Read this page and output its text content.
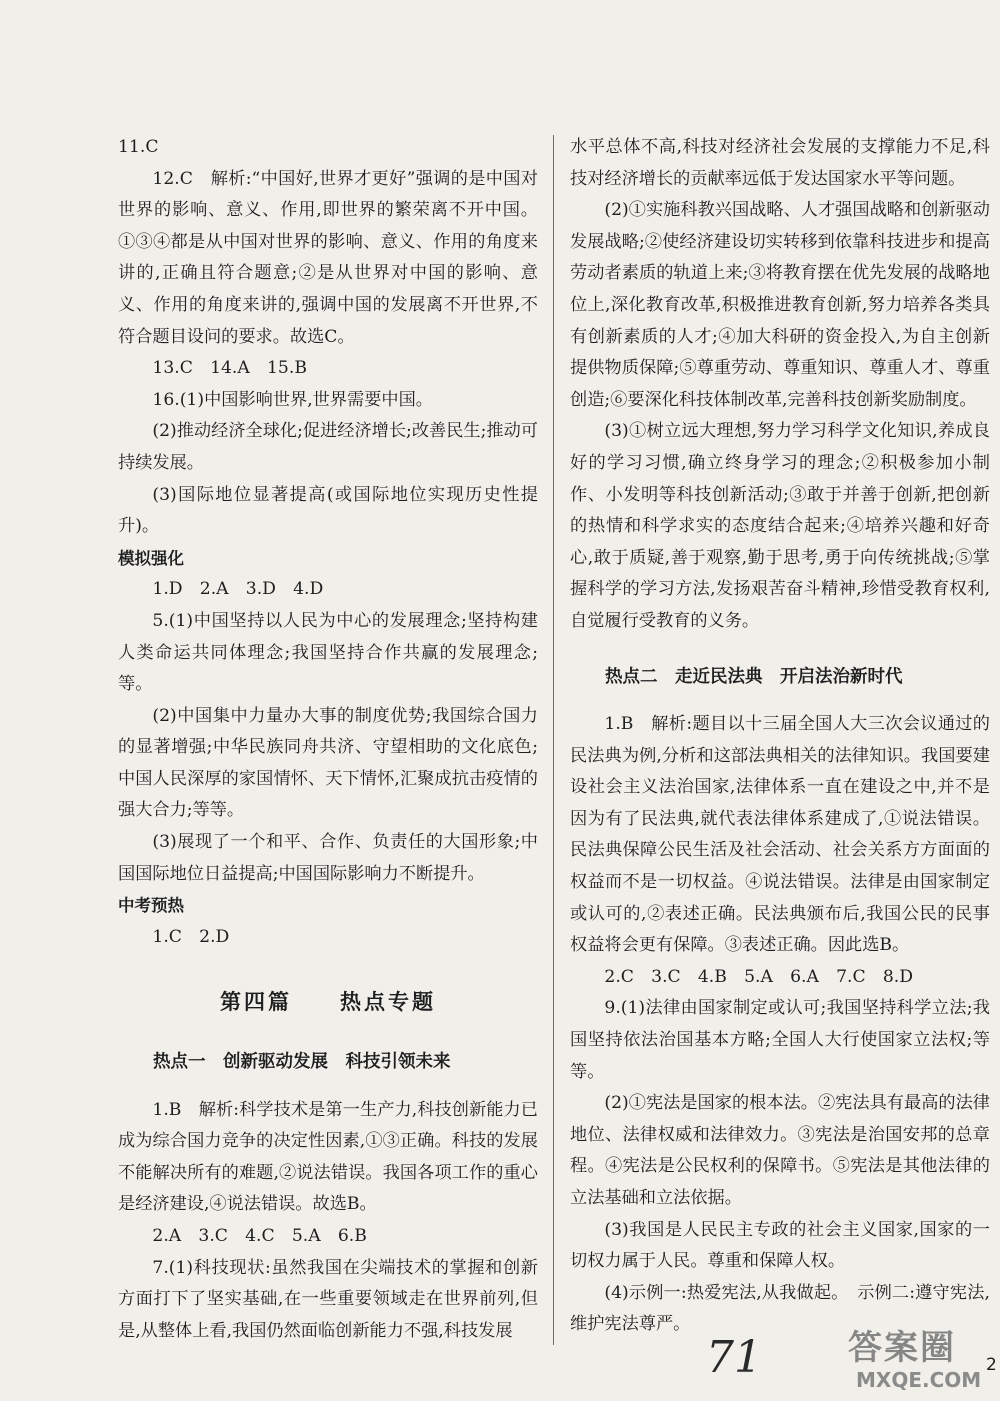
11.C

12.C　解析:“中国好,世界才更好”强调的是中国对世界的影响、意义、作用,即世界的繁荣离不开中国。①③④都是从中国对世界的影响、意义、作用的角度来讲的,正确且符合题意;②是从世界对中国的影响、意义、作用的角度来讲的,强调中国的发展离不开世界,不符合题目设问的要求。故选C。

13.C　14.A　15.B

16.(1)中国影响世界,世界需要中国。

(2)推动经济全球化;促进经济增长;改善民生;推动可持续发展。

(3)国际地位显著提高(或国际地位实现历史性提升)。

模拟强化

1.D　2.A　3.D　4.D

5.(1)中国坚持以人民为中心的发展理念;坚持构建人类命运共同体理念;我国坚持合作共赢的发展理念;等。

(2)中国集中力量办大事的制度优势;我国综合国力的显著增强;中华民族同舟共济、守望相助的文化底色;中国人民深厚的家国情怀、天下情怀,汇聚成抗击疫情的强大合力;等等。

(3)展现了一个和平、合作、负责任的大国形象;中国国际地位日益提高;中国国际影响力不断提升。

中考预热

1.C　2.D

第四篇　　热点专题

热点一　创新驱动发展　科技引领未来

1.B　解析:科学技术是第一生产力,科技创新能力已成为综合国力竞争的决定性因素,①③正确。科技的发展不能解决所有的难题,②说法错误。我国各项工作的重心是经济建设,④说法错误。故选B。

2.A　3.C　4.C　5.A　6.B

7.(1)科技现状:虽然我国在尖端技术的掌握和创新方面打下了坚实基础,在一些重要领域走在世界前列,但是,从整体上看,我国仍然面临创新能力不强,科技发展

水平总体不高,科技对经济社会发展的支撑能力不足,科技对经济增长的贡献率远低于发达国家水平等问题。

(2)①实施科教兴国战略、人才强国战略和创新驱动发展战略;②使经济建设切实转移到依靠科技进步和提高劳动者素质的轨道上来;③将教育摆在优先发展的战略地位上,深化教育改革,积极推进教育创新,努力培养各类具有创新素质的人才;④加大科研的资金投入,为自主创新提供物质保障;⑤尊重劳动、尊重知识、尊重人才、尊重创造;⑥要深化科技体制改革,完善科技创新奖励制度。

(3)①树立远大理想,努力学习科学文化知识,养成良好的学习习惯,确立终身学习的理念;②积极参加小制作、小发明等科技创新活动;③敢于并善于创新,把创新的热情和科学求实的态度结合起来;④培养兴趣和好奇心,敢于质疑,善于观察,勤于思考,勇于向传统挑战;⑤掌握科学的学习方法,发扬艰苦奋斗精神,珍惜受教育权利,自觉履行受教育的义务。

热点二　走近民法典　开启法治新时代

1.B　解析:题目以十三届全国人大三次会议通过的民法典为例,分析和这部法典相关的法律知识。我国要建设社会主义法治国家,法律体系一直在建设之中,并不是因为有了民法典,就代表法律体系建成了,①说法错误。民法典保障公民生活及社会活动、社会关系方方面面的权益而不是一切权益。④说法错误。法律是由国家制定或认可的,②表述正确。民法典颁布后,我国公民的民事权益将会更有保障。③表述正确。因此选B。

2.C　3.C　4.B　5.A　6.A　7.C　8.D

9.(1)法律由国家制定或认可;我国坚持科学立法;我国坚持依法治国基本方略;全国人大行使国家立法权;等等。

(2)①宪法是国家的根本法。②宪法具有最高的法律地位、法律权威和法律效力。③宪法是治国安邦的总章程。④宪法是公民权利的保障书。⑤宪法是其他法律的立法基础和立法依据。

(3)我国是人民民主专政的社会主义国家,国家的一切权力属于人民。尊重和保障人权。

(4)示例一:热爱宪法,从我做起。　示例二:遵守宪法,维护宪法尊严。

71	答案圈
MXQE.COM
2
